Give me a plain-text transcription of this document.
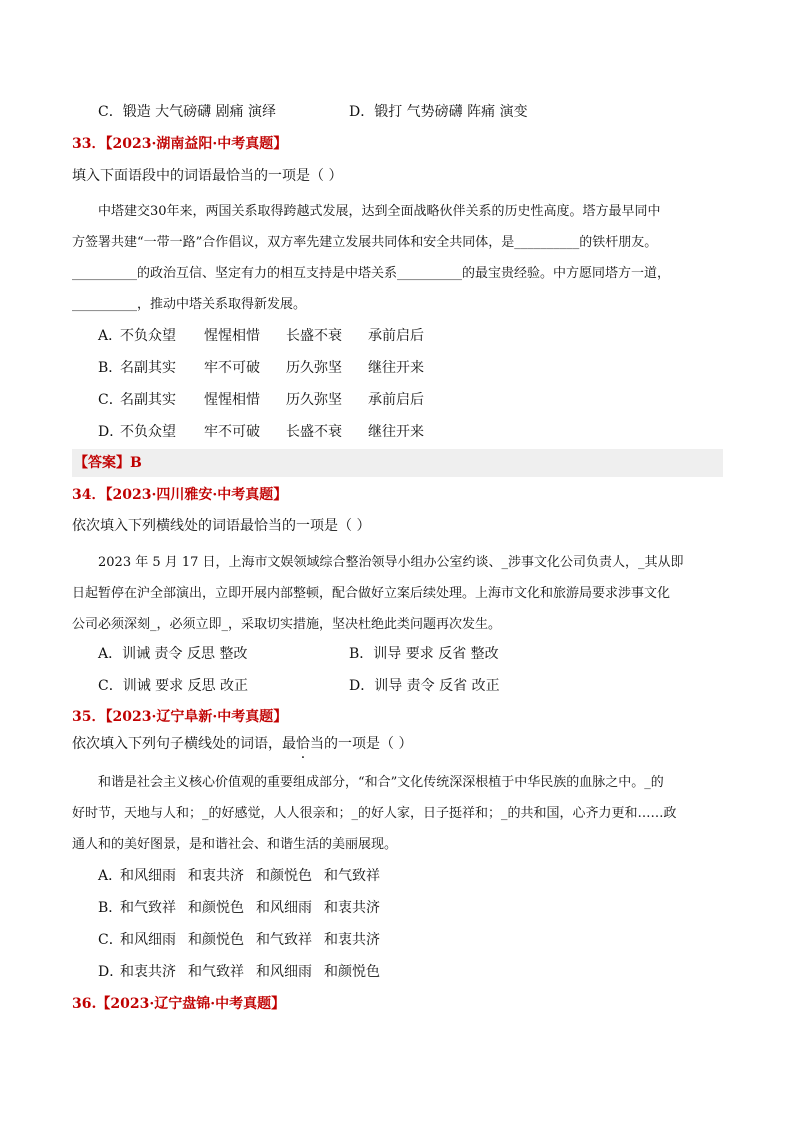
C．锻造 大气磅礴 剧痛 演绎	D．锻打 气势磅礴 阵痛 演变
33．【2023·湖南益阳·中考真题】
填入下面语段中的词语最恰当的一项是（ ）
中塔建交30年来，两国关系取得跨越式发展，达到全面战略伙伴关系的历史性高度。塔方最早同中
方签署共建“一带一路”合作倡议，双方率先建立发展共同体和安全共同体，是__________的铁杆朋友。
__________的政治互信、坚定有力的相互支持是中塔关系__________的最宝贵经验。中方愿同塔方一道，
__________，推动中塔关系取得新发展。
A．
不负众望	惺惺相惜	长盛不衰	承前启后
B．
名副其实	牢不可破	历久弥坚	继往开来
C．
名副其实	惺惺相惜	历久弥坚	承前启后
D．
不负众望	牢不可破	长盛不衰	继往开来
【答案】B
34．【2023·四川雅安·中考真题】
依次填入下列横线处的词语最恰当的一项是（ ）
2023 年 5 月 17 日，上海市文娱领域综合整治领导小组办公室约谈、_涉事文化公司负责人，_其从即
日起暂停在沪全部演出，立即开展内部整顿，配合做好立案后续处理。上海市文化和旅游局要求涉事文化
公司必须深刻_，必须立即_，采取切实措施，坚决杜绝此类问题再次发生。
A．训诫 责令 反思 整改	B．训导 要求 反省 整改
C．训诫 要求 反思 改正	D．训导 责令 反省 改正
35．【2023·辽宁阜新·中考真题】
依次填入下列句子横线处的词语，最恰当的一项是（ ）
和谐是社会主义核心价值观的重要组成部分，“和合”文化传统深深根植于中华民族的血脉之中。_的
好时节，天地与人和；_的好感觉，人人很亲和；_的好人家，日子挺祥和；_的共和国，心齐力更和……政
通人和的美好图景，是和谐社会、和谐生活的美丽展现。
A．
和风细雨 和衷共济 和颜悦色 和气致祥
B．
和气致祥 和颜悦色 和风细雨 和衷共济
C．
和风细雨 和颜悦色 和气致祥 和衷共济
D．
和衷共济 和气致祥 和风细雨 和颜悦色
36.【2023·辽宁盘锦·中考真题】
